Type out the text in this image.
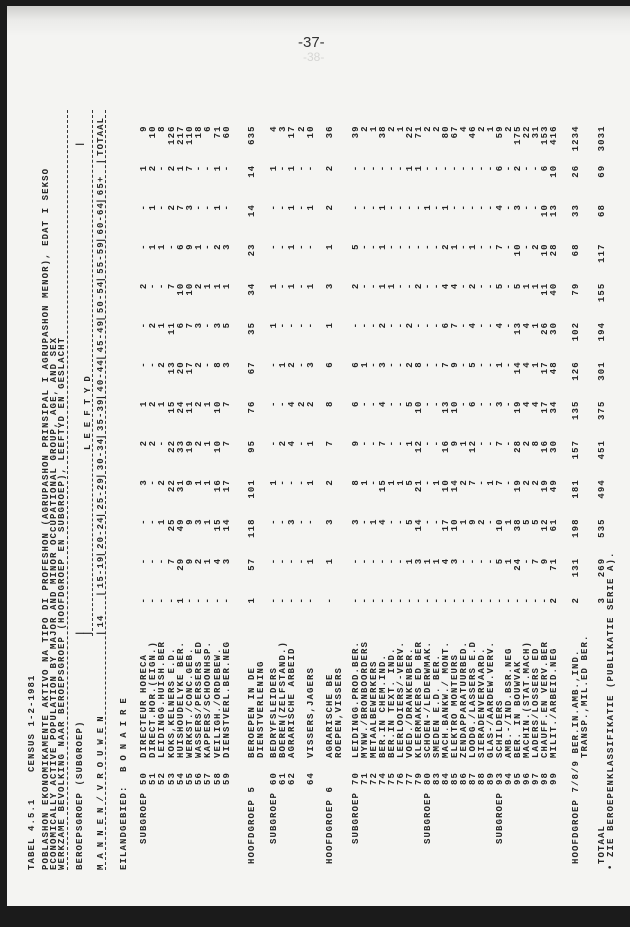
-37-
-38-
TABEL 4.5.1
CENSUS 1-2-1981 POBLASHON EKONOMIKAMENTE AKTIVO NA TIPO DI PROFESHON (AGRUPASHON PRINSIPAL I AGRUPASHON MENOR), EDAT I SEKSO
ECONOMICALLY ACTIVE POPULATION BY MAJOR AND MINOR OCCUPATIONAL GROUP, AGE, AND SEX
WERKZAME BEVOLKING NAAR BEROEPSGROEP (HOOFDGROEP EN SUBGROEP), LEEFTYD EN GESLACHT BEROEPSGROEP (SUBGROEP)
|
|
LEEFTYD
|
MANNEN/VROUWEN
| 14
| 15-19
| 20-24
| 25-29
| 30-34
| 35-39
| 40-44
| 45-49
| 50-54
| 55-59
| 60-64
| 65+
| TOTAAL
EILANDGEBIED:
BONAIRE
SUBGROEP
50
DIRECTEUR HORECA
-
-
-
3
2
1
-
-
2
-
-
1
9
51
DIRECT.HOR.(EIGN.)
-
-
-
-
2
2
-
2
-
1
1
2
10
52
LEIDINGG.HUISH.BER
-
-
1
2
-
1
2
1
-
1
-
-
8
53
KOKS,KELNERS E.D.
-
7
25
22
22
15
13
11
7
-
2
2
126
54
HUISHOUDELYKE BER.
1
29
49
31
33
24
20
6
10
6
7
1
217
55
WERKST./CONC.GEB.
-
9
9
9
19
11
17
7
10
9
3
7
110
56
WASSERS/PERSERS ED
-
2
3
1
2
2
2
3
2
1
-
-
18
57
KAPPERS/SCHOONHSP.
-
1
1
1
1
1
-
-
1
-
-
-
6
58
VEILIGH./ORDEBEW.
-
4
15
16
10
10
8
3
1
2
1
1
71
59
DIENSTVERL.BER.NEG
-
3
14
17
7
7
3
5
1
3
-
-
60
HOOFDGROEP 5
BEROEPEN IN DE DIENSTVERLENING
1
57
118
101
95
76
67
35
34
23
14
14
635
SUBGROEP
60
BEDRYFSLEIDERS
-
-
-
1
-
-
-
1
1
-
-
1
4
61
BOEREN(ZELFSTAND.)
-
-
-
-
2
-
1
-
-
-
-
-
3
62
AGRARISCHE ARBEID
-
-
3
-
4
4
2
-
1
1
1
1
17
-
-
-
-
-
2
-
-
-
-
-
-
2
64
VISSERS,JAGERS
-
1
-
1
1
2
3
-
1
-
1
-
10
HOOFDGROEP 6
AGRARISCHE BE ROEPEN,VISSERS
-
1
3
2
7
8
6
1
3
1
2
2
36
SUBGROEP
70
LEIDINGG.PROD.BER.
-
-
3
8
9
6
6
-
2
5
-
-
39
71
MYNW./BRONBOORDERS
-
-
-
1
-
-
1
-
-
-
-
-
2
72
METAALBEWERKERS
-
-
1
-
-
-
-
-
-
-
-
-
1
74
BER.IN CHEM.IND.
-
-
4
15
7
4
3
2
1
1
1
-
38
75
BER.IN TEXT. IND.
-
-
-
1
-
-
-
-
1
-
-
-
2
76
LEERLOOIERS/-VERV.
-
-
-
1
-
-
-
-
-
-
-
-
1
77
VOED./DRANKENBER.
-
1
5
5
1
5
2
2
-
-
-
1
22
79
KLEERMAKERS ED BER
-
3
14
21
12
10
8
-
2
-
-
1
71
SUBGROEP
80
SCHOEN-/LEDERWMAK.
-
1
-
-
-
-
-
-
-
-
1
-
2
83
SMEDEN E.D. BER.
-
1
-
1
-
-
-
-
-
-
-
-
2
84
MACH.BANKW./ MONT.
-
4
17
10
16
13
7
6
4
2
1
-
80
85
ELEKTRO MONTEURS
-
3
10
14
9
10
9
7
4
1
-
-
67
86
ZENDAPPARATUURBED.
-
-
1
2
1
-
-
-
-
-
-
-
4
87
LOODG./LASSERS E.D
-
-
9
7
12
6
5
4
2
1
-
-
46
88
SIERADENVERVAARD.
-
-
2
-
-
-
-
-
-
-
-
-
2
89
GLAS-/AARDEW.VERV.
-
-
-
1
-
-
-
-
-
-
-
-
1
SUBGROEP
93
SCHILDERS
-
5
10
7
7
3
1
4
5
7
4
6
59
94
AMB.-/IND.BSR.NEG
-
1
1
-
-
-
-
-
-
-
-
-
2
95
BER. IN BOUWVAK
-
24
38
19
28
19
14
13
5
10
3
2
175
96
MACHIN.(STAT.MACH)
-
-
5
2
2
4
4
4
1
-
-
-
22
97
LADERS/LOSSERS ED
-
7
5
2
8
4
1
1
1
2
-
-
31
98
CHAUFF.EN VERV.BER
-
9
12
19
16
17
17
26
11
10
10
6
153
99
MILIT./ARBEID.NEG
2
71
61
49
30
34
48
30
40
28
13
10
416
HOOFDGROEP 7/8/9
BER.IN.AMB.,IND. TRANSP.,MIL.ED BER.
2
131
198
181
157
135
126
102
79
68
33
26
1234
TOTAAL
3
269
535
494
451
375
301
194
155
117
68
69
3031
• ZIE BEROEPENKLASSIFIKATIE (PUBLIKATIE SERIE A).
